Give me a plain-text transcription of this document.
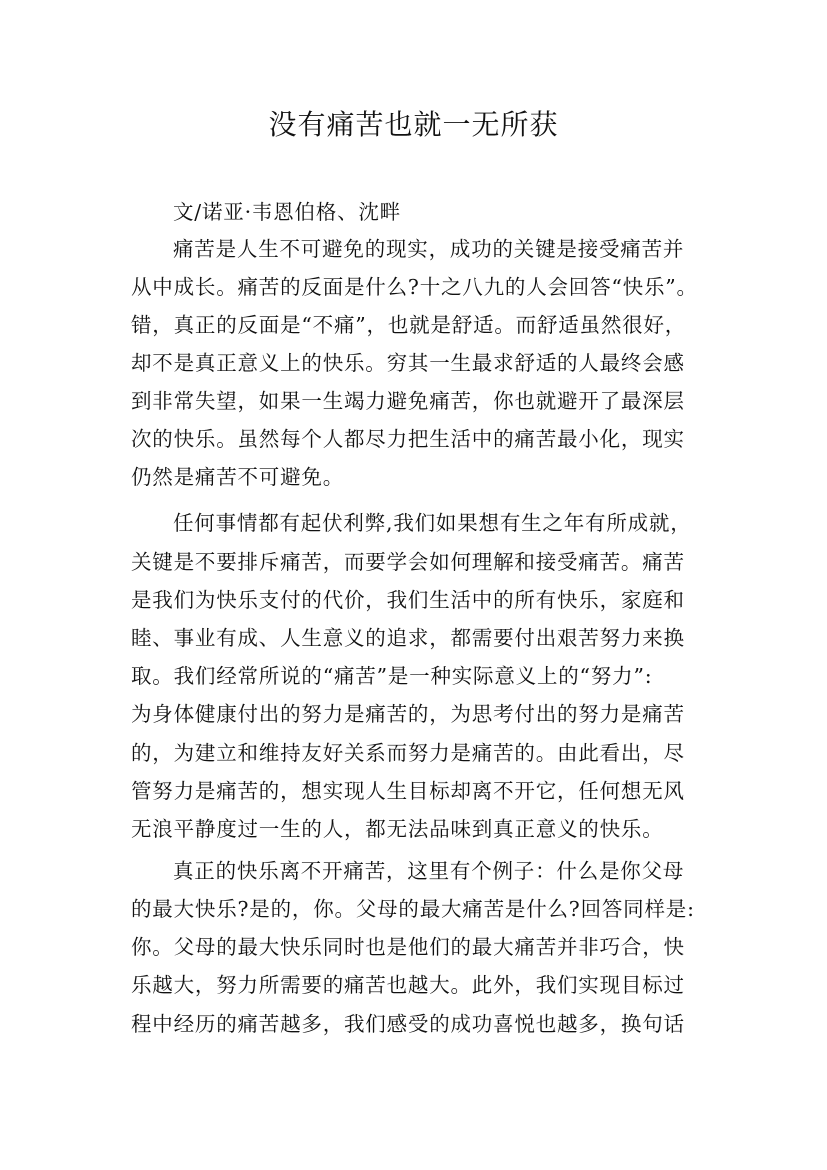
没有痛苦也就一无所获
文/诺亚·韦恩伯格、沈畔
痛苦是人生不可避免的现实，成功的关键是接受痛苦并
从中成长。痛苦的反面是什么?十之八九的人会回答“快乐”。
错，真正的反面是“不痛”，也就是舒适。而舒适虽然很好，
却不是真正意义上的快乐。穷其一生最求舒适的人最终会感
到非常失望，如果一生竭力避免痛苦，你也就避开了最深层
次的快乐。虽然每个人都尽力把生活中的痛苦最小化，现实
仍然是痛苦不可避免。
任何事情都有起伏利弊,我们如果想有生之年有所成就，
关键是不要排斥痛苦，而要学会如何理解和接受痛苦。痛苦
是我们为快乐支付的代价，我们生活中的所有快乐，家庭和
睦、事业有成、人生意义的追求，都需要付出艰苦努力来换
取。我们经常所说的“痛苦”是一种实际意义上的“努力”:
为身体健康付出的努力是痛苦的，为思考付出的努力是痛苦
的，为建立和维持友好关系而努力是痛苦的。由此看出，尽
管努力是痛苦的，想实现人生目标却离不开它，任何想无风
无浪平静度过一生的人，都无法品味到真正意义的快乐。
真正的快乐离不开痛苦，这里有个例子：什么是你父母
的最大快乐?是的，你。父母的最大痛苦是什么?回答同样是:
你。父母的最大快乐同时也是他们的最大痛苦并非巧合，快
乐越大，努力所需要的痛苦也越大。此外，我们实现目标过
程中经历的痛苦越多，我们感受的成功喜悦也越多，换句话
